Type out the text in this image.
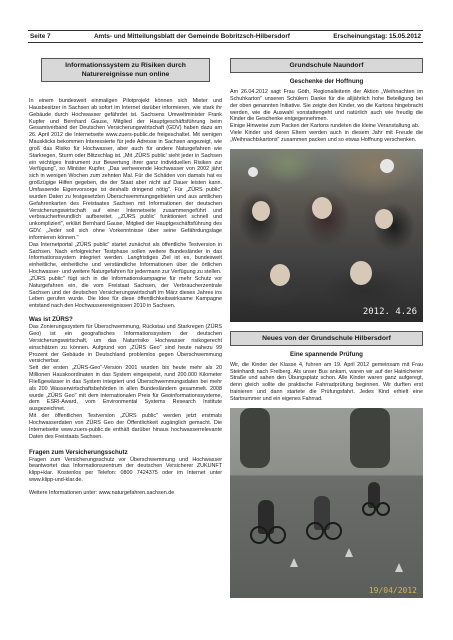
Seite 7	Amts- und Mitteilungsblatt der Gemeinde Bobritzsch-Hilbersdorf	Erscheinungstag: 15.05.2012
Informationssystem zu Risiken durch Naturereignisse nun online

In einem bundesweit einmaligen Pilotprojekt können sich Mieter und Hausbesitzer in Sachsen ab sofort im Internet darüber informieren, wie stark ihr Gebäude durch Hochwasser gefährdet ist. Sachsens Umweltminister Frank Kupfer und Bernhard Gause, Mitglied der Hauptgeschäftsführung beim Gesamtverband der Deutschen Versicherungswirtschaft (GDV) haben dazu am 26. April 2012 die Internetseite www.zuers-public.de freigeschaltet. Mit wenigen Mausklicks bekommen Interessierte für jede Adresse in Sachsen angezeigt, wie groß das Risiko für Hochwasser, aber auch für andere Naturgefahren wie Starkregen, Sturm oder Blitzschlag ist. „Mit ‚ZÜRS public' sieht jeder in Sachsen ein wichtiges Instrument zur Bewertung ihrer ganz individuellen Risiken zur Verfügung", so Minister Kupfer. „Das verheerende Hochwasser von 2002 jährt sich in wenigen Wochen zum zehnten Mal. Für die Schäden von damals hat es großzügige Hilfen gegeben, die der Staat aber nicht auf Dauer leisten kann. Umfassende Eigenvorsorge ist deshalb dringend nötig". Für „ZÜRS public" wurden Daten zu festgesetzten Überschwemmungsgebieten und aus amtlichen Gefahrenkarten des Freistaates Sachsen mit Informationen der deutschen Versicherungswirtschaft auf einer Internetseite zusammengeführt und verbraucherfreundlich aufbereitet. „‚ZÜRS public' funktioniert schnell und unkompliziert", erklärt Bernhard Gause, Mitglied der Hauptgeschäftsführung des GDV. „Jeder soll sich ohne Vorkenntnisse über seine Gefährdungslage informieren können."
Das Internetportal „ZÜRS public" startet zunächst als öffentliche Testversion in Sachsen. Nach erfolgreicher Testphase sollen weitere Bundesländer in das Informationssystem integriert werden. Langfristiges Ziel ist es, bundesweit einheitliche, einheitliche und verständliche Informationen über die örtlichen Hochwasser- und weitere Naturgefahren für jedermann zur Verfügung zu stellen.
„ZÜRS public" fügt sich in die Informationskampagne für mehr Schutz vor Naturgefahren ein, die vom Freistaat Sachsen, der Verbraucherzentrale Sachsen und der deutschen Versicherungswirtschaft im März dieses Jahres ins Leben gerufen wurde. Die Idee für diese öffentlichkeitswirksame Kampagne entstand nach den Hochwasserereignissen 2010 in Sachsen.

Was ist ZÜRS?

Das Zonierungssystem für Überschwemmung, Rückstau und Starkregen (ZÜRS Geo) ist ein geografisches Informationssystem der deutschen Versicherungswirtschaft, um das Naturrisiko Hochwasser risikogerecht einschätzen zu können. Aufgrund von „ZÜRS Geo" sind heute nahezu 99 Prozent der Gebäude in Deutschland problemlos gegen Überschwemmung versicherbar.
Seit der ersten „ZÜRS-Geo"-Version 2001 wurden bis heute mehr als 20 Millionen Hauskoordinaten in das System eingespeist, rund 200.000 Kilometer Fließgewässer in das System integriert und Überschwemmungsdaten bei mehr als 200 Wasserwirtschaftsbehörden in allen Bundesländern gesammelt. 2008 wurde „ZÜRS Geo" mit dem internationalen Preis für Geoinformationssysteme, dem ESRI-Award, vom Environmental Systems Research Institute ausgezeichnet.
Mit der öffentlichen Testversion „ZÜRS public" werden jetzt erstmals Hochwasserdaten von ZÜRS Geo der Öffentlichkeit zugänglich gemacht. Die Internetseite www.zuers-public.de enthält darüber hinaus hochwasserrelevante Daten des Freistaats Sachsen.

Fragen zum Versicherungsschutz

Fragen zum Versicherungsschutz vor Überschwemmung und Hochwasser beantwortet das Informationszentrum der deutschen Versicherer ZUKUNFT klipp+klar. Kostenlos per Telefon: 0800 7424375 oder im Internet unter www.klipp-und-klar.de.

Weitere Informationen unter: www.naturgefahren.sachsen.de
Grundschule Naundorf
Geschenke der Hoffnung

Am 26.04.2012 sagt Frau Göth, Regionalleiterin der Aktion „Weihnachten im Schuhkarton" unseren Schülern Danke für die alljährlich hohe Beteiligung bei der oben genannten Initiative. Sie zeigte den Kinder, wo die Kartons hingebracht werden, wie die Auswahl vonstattengeht und natürlich auch wie freudig die Kinder die Geschenke entgegennehmen.
Einige Hinweise zum Packen der Kartons rundeten die kleine Veranstaltung ab.
Viele Kinder und deren Eltern werden auch in diesem Jahr mit Freude die „Weihnachtskartons" zusammen packen und so etwas Hoffnung verschenken.

2012. 4.26
Neues von der Grundschule Hilbersdorf
Eine spannende Prüfung

Wir, die Kinder der Klasse 4, fuhren am 19. April 2012 gemeinsam mit Frau Steinhardt nach Freiberg. Als unser Bus ankam, waren wir auf der Hainichener Straße und sahen den Übungsplatz schon. Alle Kinder waren ganz aufgeregt, denn gleich sollte die praktische Fahrradprüfung beginnen. Wir durften erst trainieren und dann startete die Prüfungsfahrt. Jedes Kind erhielt eine Startnummer und ein eigenes Fahrrad.

19/04/2012
